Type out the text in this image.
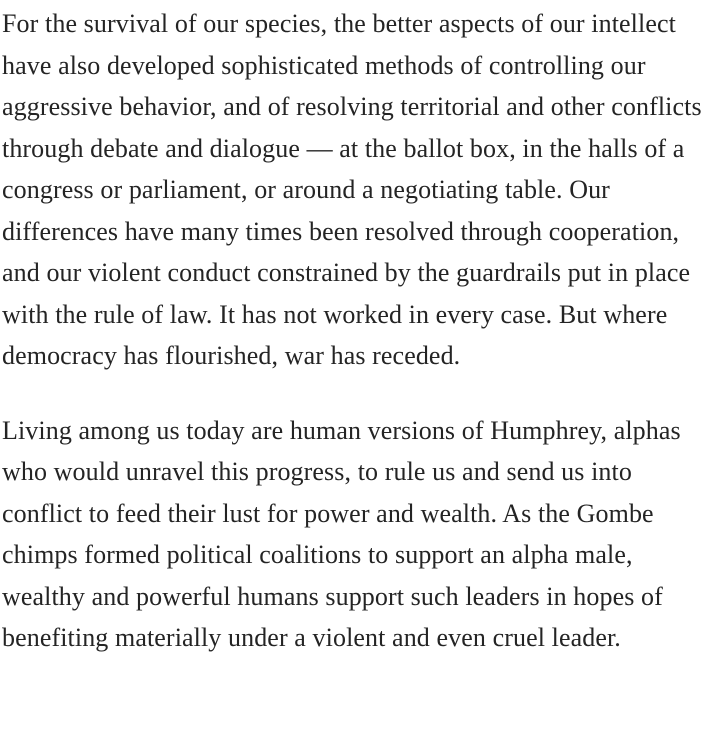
For the survival of our species, the better aspects of our intellect have also developed sophisticated methods of controlling our aggressive behavior, and of resolving territorial and other conflicts through debate and dialogue — at the ballot box, in the halls of a congress or parliament, or around a negotiating table. Our differences have many times been resolved through cooperation, and our violent conduct constrained by the guardrails put in place with the rule of law. It has not worked in every case. But where democracy has flourished, war has receded.

Living among us today are human versions of Humphrey, alphas who would unravel this progress, to rule us and send us into conflict to feed their lust for power and wealth. As the Gombe chimps formed political coalitions to support an alpha male, wealthy and powerful humans support such leaders in hopes of benefiting materially under a violent and even cruel leader.
